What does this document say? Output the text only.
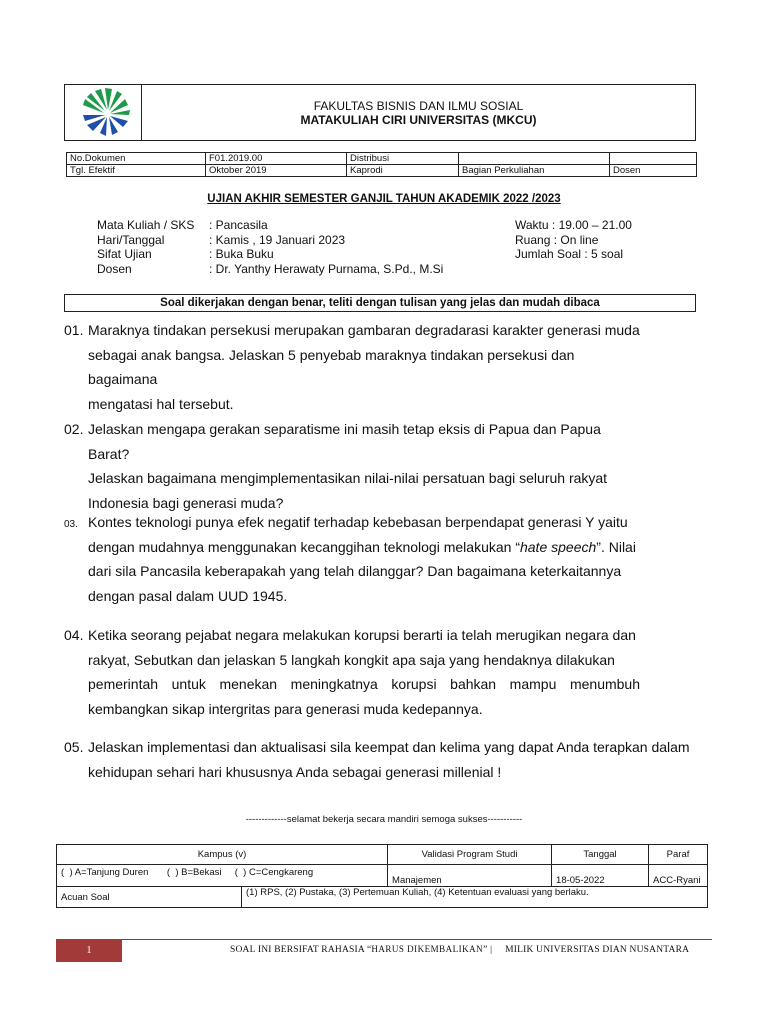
FAKULTAS BISNIS DAN ILMU SOSIAL
MATAKULIAH CIRI UNIVERSITAS (MKCU)
No.Dokumen	F01.2019.00	Distribusi		
Tgl. Efektif	Oktober 2019	Kaprodi	Bagian Perkuliahan	Dosen
UJIAN AKHIR SEMESTER GANJIL TAHUN AKADEMIK 2022 /2023
Mata Kuliah / SKS : Pancasila
Hari/Tanggal	: Kamis , 19 Januari 2023
Sifat Ujian	: Buka Buku
Dosen	: Dr. Yanthy Herawaty Purnama, S.Pd., M.Si
Waktu : 19.00 – 21.00
Ruang : On line
Jumlah Soal : 5 soal
Soal dikerjakan dengan benar, teliti dengan tulisan yang jelas dan mudah dibaca
01. Maraknya tindakan persekusi merupakan gambaran degradarasi karakter generasi muda
sebagai anak bangsa. Jelaskan 5 penyebab maraknya tindakan persekusi dan bagaimana
mengatasi hal tersebut.
02. Jelaskan mengapa gerakan separatisme ini masih tetap eksis di Papua dan Papua Barat?
Jelaskan bagaimana mengimplementasikan nilai-nilai persatuan bagi seluruh rakyat
Indonesia bagi generasi muda?
03. Kontes teknologi punya efek negatif terhadap kebebasan berpendapat generasi Y yaitu
dengan mudahnya menggunakan kecanggihan teknologi melakukan “hate speech”. Nilai
dari sila Pancasila keberapakah yang telah dilanggar? Dan bagaimana keterkaitannya
dengan pasal dalam UUD 1945.
04. Ketika seorang pejabat negara melakukan korupsi berarti ia telah merugikan negara dan
rakyat, Sebutkan dan jelaskan 5 langkah kongkit apa saja yang hendaknya dilakukan
pemerintah untuk menekan meningkatnya korupsi bahkan mampu menumbuh
kembangkan sikap intergritas para generasi muda kedepannya.
05. Jelaskan implementasi dan aktualisasi sila keempat dan kelima yang dapat Anda terapkan dalam
kehidupan sehari hari khususnya Anda sebagai generasi millenial !
-------------selamat bekerja secara mandiri semoga sukses-----------
Kampus (v)		Validasi Program Studi	Tanggal	Paraf
(  ) A=Tanjung Duren       (  ) B=Bekasi     (  ) C=Cengkareng		Manajemen	18-05-2022	ACC-Ryani
Acuan Soal	(1) RPS, (2) Pustaka, (3) Pertemuan Kuliah, (4) Ketentuan evaluasi yang berlaku.			
1	SOAL INI BERSIFAT RAHASIA “HARUS DIKEMBALIKAN” |     MILIK UNIVERSITAS DIAN NUSANTARA
